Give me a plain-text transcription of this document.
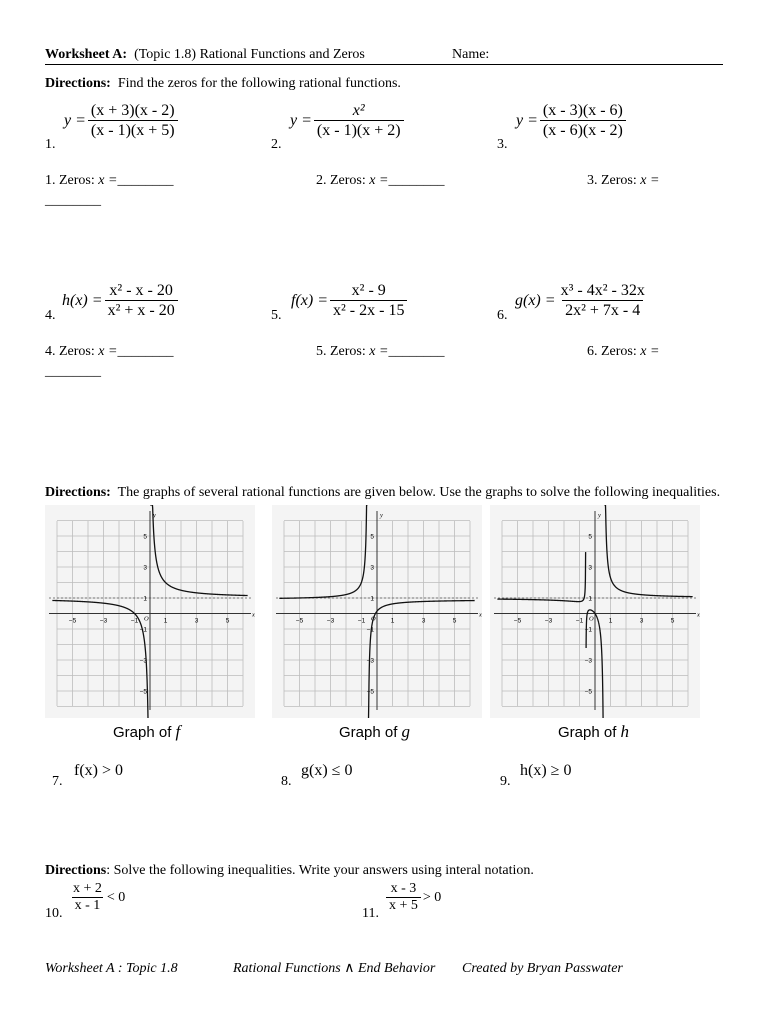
Worksheet A: (Topic 1.8) Rational Functions and Zeros	Name:
Directions: Find the zeros for the following rational functions.
1.
$y = \frac{(x + 3)(x - 2)}{(x - 1)(x + 5)}$
2.
$y = \frac{\text{x²}}{(x - 1)(x + 2)}$
3.
$y = \frac{(x - 3)(x - 6)}{(x - 6)(x - 2)}$
1. Zeros: x =________	2. Zeros: x =________	3. Zeros: x =
________
4.
$h(x) = \frac{\text{x² - x - 20}}{\text{x² + x - 20}}$	5.
$f(x) = \frac{\text{x² - 9}}{\text{x² - 2x - 15}}$	6.
$g(x) = \frac{\text{x³ - 4x² - 32x}}{\text{2x² + 7x - 4}}$
4. Zeros: x =________	5. Zeros: x =________	6. Zeros: x =
________
Directions: The graphs of several rational functions are given below. Use the graphs to solve the following inequalities.
−5	−3	−1	1	3	5
5
3
1
−1
−3
−5
x
y
O	−5	−3	−1	1	3	5
5
3
1
−1
−3
−5
x
y
O	−5	−3	−1	1	3	5
5
3
1
−1
−3
−5
x
y
O
Graph of f	Graph of g	Graph of h
7.
f(x) > 0
8.
g(x) ≤ 0
9.
h(x) ≥ 0
Directions: Solve the following inequalities. Write your answers using interal notation.
10. $\frac{x + 2}{x - 1} < 0$
11. $\frac{x - 3}{x + 5} > 0$
Worksheet A : Topic 1.8	Rational Functions ∧ End Behavior Created by Bryan Passwater
